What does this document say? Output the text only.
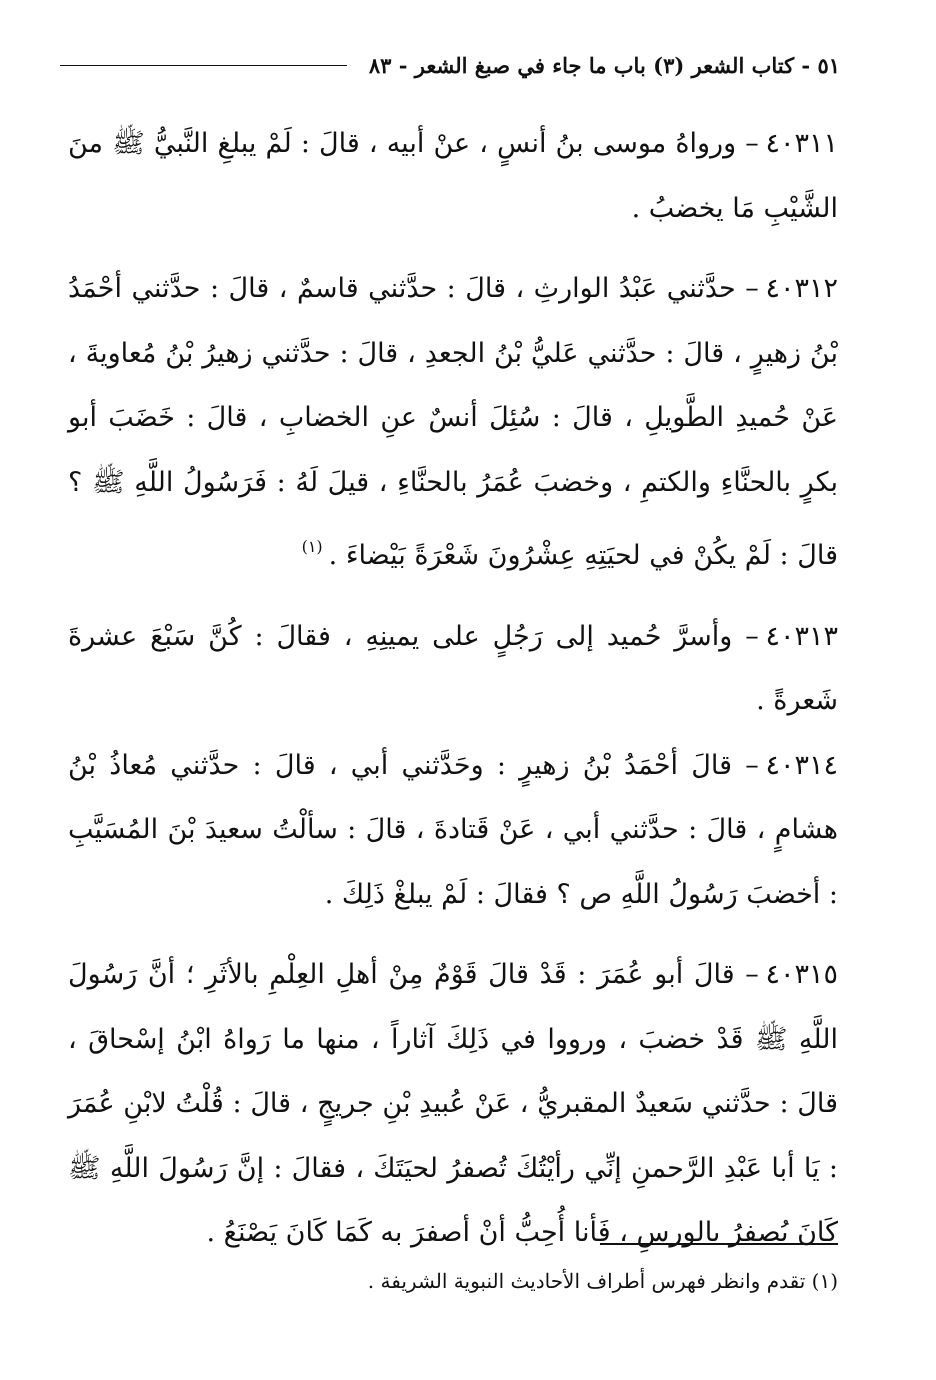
٥١ - كتاب الشعر (٣) باب ما جاء في صبغ الشعر - ٨٣

٤٠٣١١– ورواهُ موسى بنُ أنسٍ ، عنْ أبيه ، قالَ : لَمْ يبلغِ النَّبيُّ ﷺ منَ الشَّيْبِ مَا يخضبُ .

٤٠٣١٢– حدَّثني عَبْدُ الوارثِ ، قالَ : حدَّثني قاسمٌ ، قالَ : حدَّثني أحْمَدُ بْنُ زهيرٍ ، قالَ : حدَّثني عَليُّ بْنُ الجعدِ ، قالَ : حدَّثني زهيرُ بْنُ مُعاويةَ ، عَنْ حُميدِ الطَّويلِ ، قالَ : سُئِلَ أنسٌ عنِ الخضابِ ، قالَ : خَضَبَ أبو بكرٍ بالحنَّاءِ والكتمِ ، وخضبَ عُمَرُ بالحنَّاءِ ، قيلَ لَهُ : فَرَسُولُ اللَّهِ ﷺ ؟ قالَ : لَمْ يكُنْ في لحيَتِهِ عِشْرُونَ شَعْرَةً بَيْضاءَ .$^{(١)}$

٤٠٣١٣– وأسرَّ حُميد إلى رَجُلٍ على يمينِهِ ، فقالَ : كُنَّ سَبْعَ عشرةَ شَعرةً .

٤٠٣١٤– قالَ أحْمَدُ بْنُ زهيرٍ : وحَدَّثني أبي ، قالَ : حدَّثني مُعاذُ بْنُ هشامٍ ، قالَ : حدَّثني أبي ، عَنْ قَتادةَ ، قالَ : سألْتُ سعيدَ بْنَ المُسَيَّبِ : أخضبَ رَسُولُ اللَّهِ ص ؟ فقالَ : لَمْ يبلغْ ذَلِكَ .

٤٠٣١٥– قالَ أبو عُمَرَ : قَدْ قالَ قَوْمٌ مِنْ أهلِ العِلْمِ بالأثَرِ ؛ أنَّ رَسُولَ اللَّهِ ﷺ قَدْ خضبَ ، ورووا في ذَلِكَ آثاراً ، منها ما رَواهُ ابْنُ إسْحاقَ ، قالَ : حدَّثني سَعيدٌ المقبريُّ ، عَنْ عُبيدِ بْنِ جريجٍ ، قالَ : قُلْتُ لابْنِ عُمَرَ : يَا أبا عَبْدِ الرَّحمنِ إنِّي رأيْتُكَ تُصفرُ لحيَتَكَ ، فقالَ : إنَّ رَسُولَ اللَّهِ ﷺ كَانَ يُصفرُ بالورسِ ، فَأنا أُحِبُّ أنْ أصفرَ به كَمَا كَانَ يَصْنَعُ .

(١) تقدم وانظر فهرس أطراف الأحاديث النبوية الشريفة .
